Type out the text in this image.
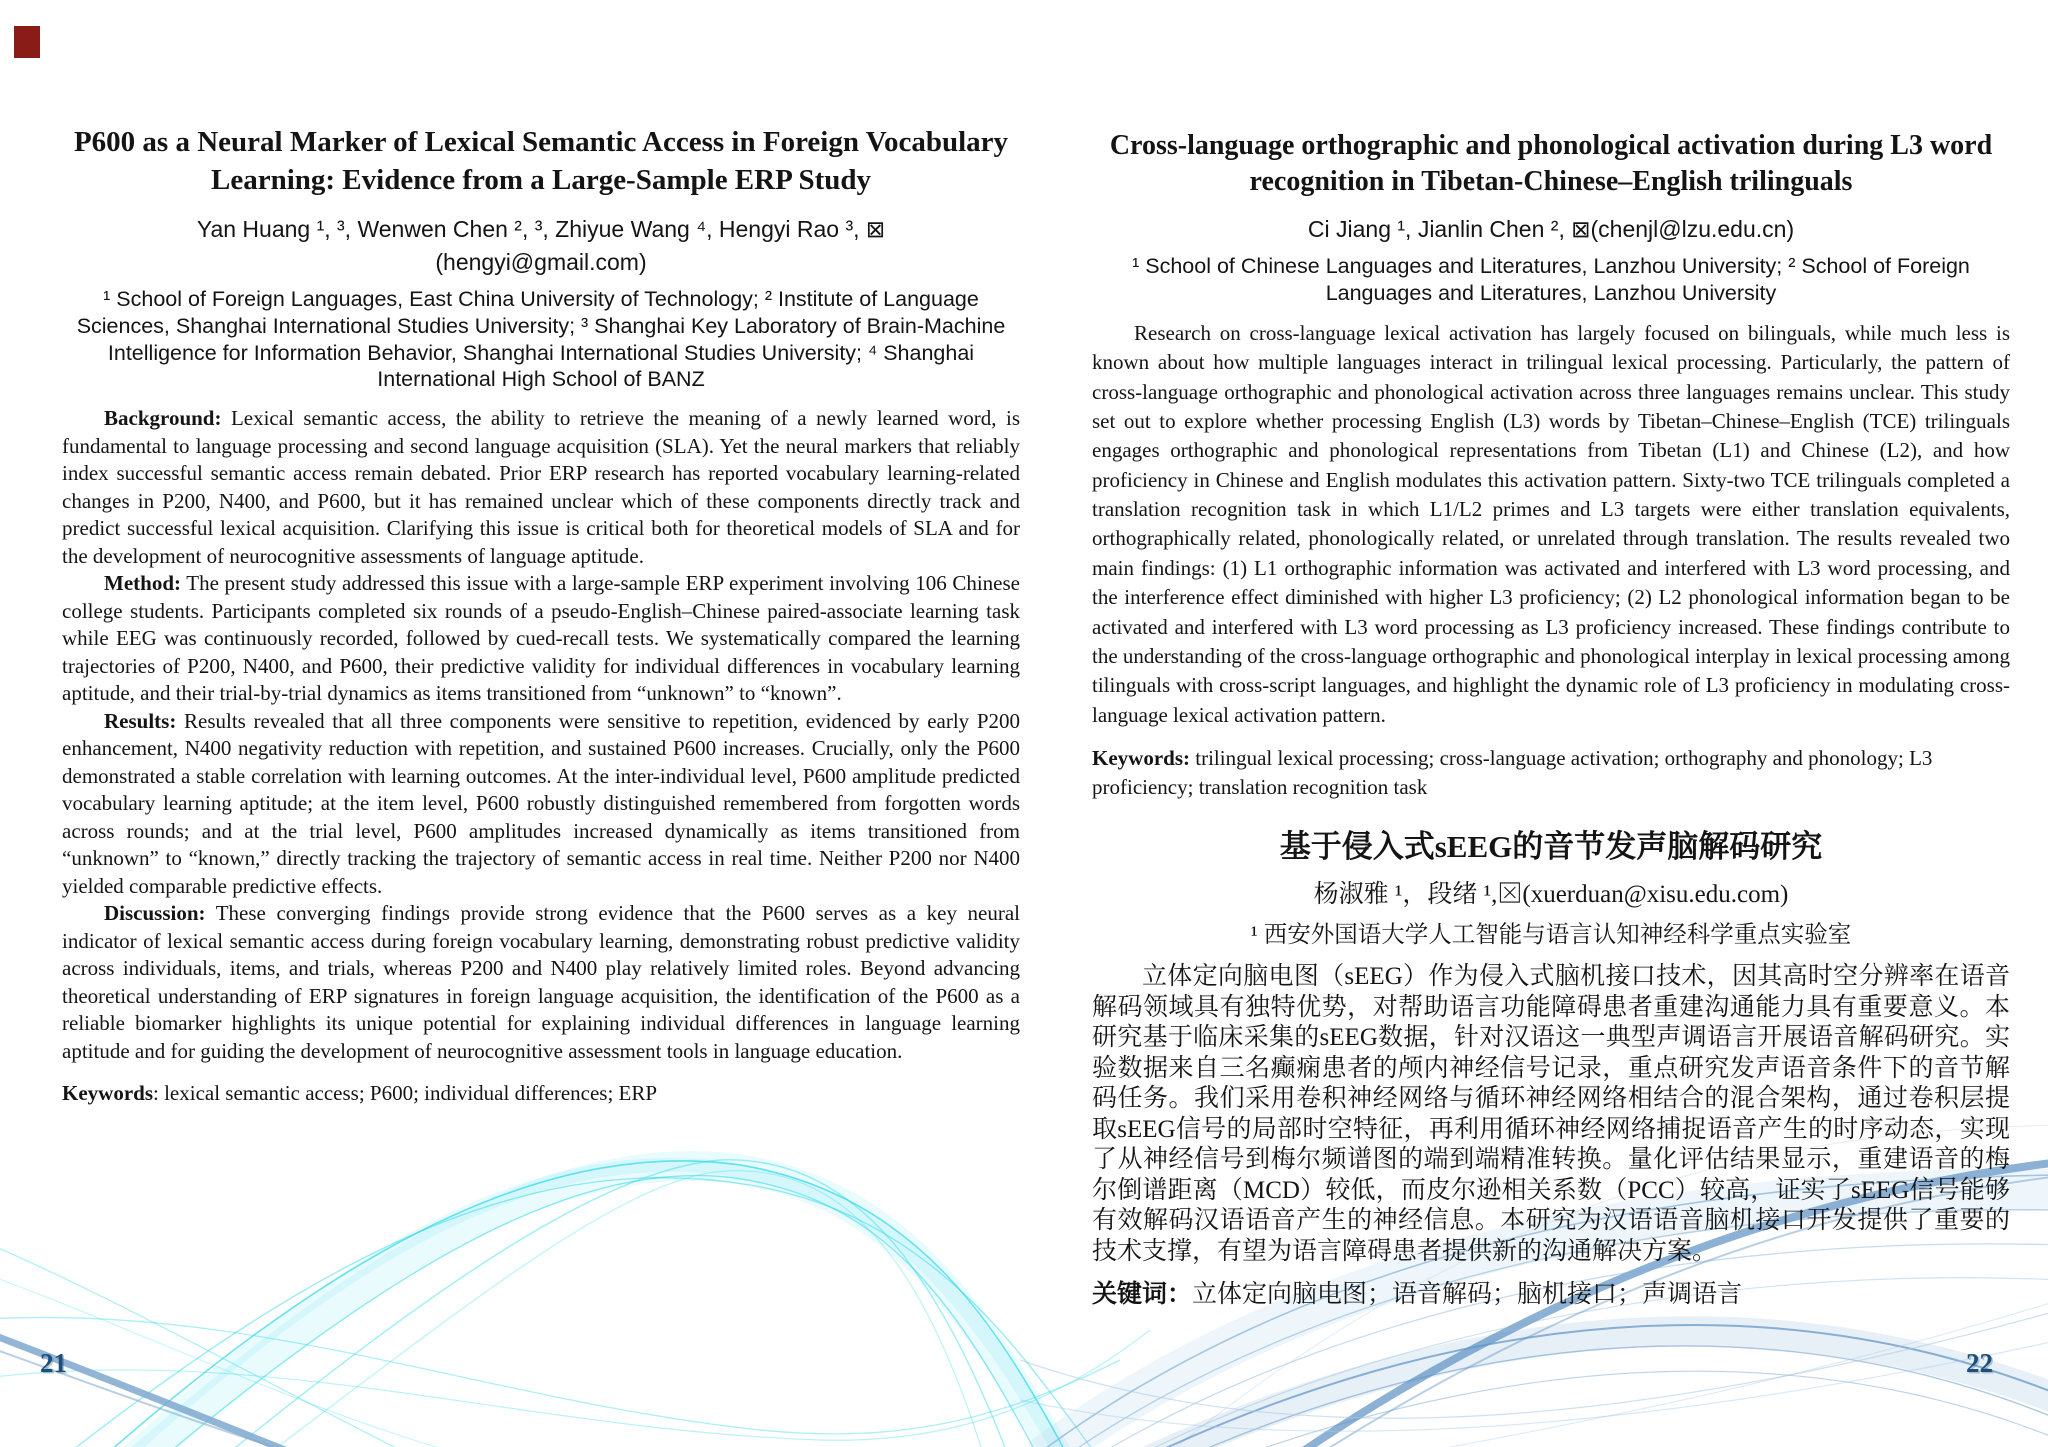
P600 as a Neural Marker of Lexical Semantic Access in Foreign Vocabulary Learning: Evidence from a Large-Sample ERP Study

Yan Huang ¹, ³, Wenwen Chen ², ³, Zhiyue Wang ⁴, Hengyi Rao ³, ⊠

(hengyi@gmail.com)

¹ School of Foreign Languages, East China University of Technology; ² Institute of Language Sciences, Shanghai International Studies University; ³ Shanghai Key Laboratory of Brain-Machine Intelligence for Information Behavior, Shanghai International Studies University; ⁴ Shanghai International High School of BANZ

Background: Lexical semantic access, the ability to retrieve the meaning of a newly learned word, is fundamental to language processing and second language acquisition (SLA). Yet the neural markers that reliably index successful semantic access remain debated. Prior ERP research has reported vocabulary learning-related changes in P200, N400, and P600, but it has remained unclear which of these components directly track and predict successful lexical acquisition. Clarifying this issue is critical both for theoretical models of SLA and for the development of neurocognitive assessments of language aptitude.

Method: The present study addressed this issue with a large-sample ERP experiment involving 106 Chinese college students. Participants completed six rounds of a pseudo-English–Chinese paired-associate learning task while EEG was continuously recorded, followed by cued-recall tests. We systematically compared the learning trajectories of P200, N400, and P600, their predictive validity for individual differences in vocabulary learning aptitude, and their trial-by-trial dynamics as items transitioned from “unknown” to “known”.

Results: Results revealed that all three components were sensitive to repetition, evidenced by early P200 enhancement, N400 negativity reduction with repetition, and sustained P600 increases. Crucially, only the P600 demonstrated a stable correlation with learning outcomes. At the inter-individual level, P600 amplitude predicted vocabulary learning aptitude; at the item level, P600 robustly distinguished remembered from forgotten words across rounds; and at the trial level, P600 amplitudes increased dynamically as items transitioned from “unknown” to “known,” directly tracking the trajectory of semantic access in real time. Neither P200 nor N400 yielded comparable predictive effects.

Discussion: These converging findings provide strong evidence that the P600 serves as a key neural indicator of lexical semantic access during foreign vocabulary learning, demonstrating robust predictive validity across individuals, items, and trials, whereas P200 and N400 play relatively limited roles. Beyond advancing theoretical understanding of ERP signatures in foreign language acquisition, the identification of the P600 as a reliable biomarker highlights its unique potential for explaining individual differences in language learning aptitude and for guiding the development of neurocognitive assessment tools in language education.

Keywords: lexical semantic access; P600; individual differences; ERP

Cross-language orthographic and phonological activation during L3 word recognition in Tibetan-Chinese–English trilinguals

Ci Jiang ¹, Jianlin Chen ², ⊠(chenjl@lzu.edu.cn)

¹ School of Chinese Languages and Literatures, Lanzhou University; ² School of Foreign Languages and Literatures, Lanzhou University

Research on cross-language lexical activation has largely focused on bilinguals, while much less is known about how multiple languages interact in trilingual lexical processing. Particularly, the pattern of cross-language orthographic and phonological activation across three languages remains unclear. This study set out to explore whether processing English (L3) words by Tibetan–Chinese–English (TCE) trilinguals engages orthographic and phonological representations from Tibetan (L1) and Chinese (L2), and how proficiency in Chinese and English modulates this activation pattern. Sixty-two TCE trilinguals completed a translation recognition task in which L1/L2 primes and L3 targets were either translation equivalents, orthographically related, phonologically related, or unrelated through translation. The results revealed two main findings: (1) L1 orthographic information was activated and interfered with L3 word processing, and the interference effect diminished with higher L3 proficiency; (2) L2 phonological information began to be activated and interfered with L3 word processing as L3 proficiency increased. These findings contribute to the understanding of the cross-language orthographic and phonological interplay in lexical processing among tilinguals with cross-script languages, and highlight the dynamic role of L3 proficiency in modulating cross-language lexical activation pattern.

Keywords: trilingual lexical processing; cross-language activation; orthography and phonology; L3 proficiency; translation recognition task

基于侵入式sEEG的音节发声脑解码研究

杨淑雅 ¹，段绪 ¹,⊠(xuerduan@xisu.edu.com)

¹ 西安外国语大学人工智能与语言认知神经科学重点实验室

立体定向脑电图（sEEG）作为侵入式脑机接口技术，因其高时空分辨率在语音解码领域具有独特优势，对帮助语言功能障碍患者重建沟通能力具有重要意义。本研究基于临床采集的sEEG数据，针对汉语这一典型声调语言开展语音解码研究。实验数据来自三名癫痫患者的颅内神经信号记录，重点研究发声语音条件下的音节解码任务。我们采用卷积神经网络与循环神经网络相结合的混合架构，通过卷积层提取sEEG信号的局部时空特征，再利用循环神经网络捕捉语音产生的时序动态，实现了从神经信号到梅尔频谱图的端到端精准转换。量化评估结果显示，重建语音的梅尔倒谱距离（MCD）较低，而皮尔逊相关系数（PCC）较高，证实了sEEG信号能够有效解码汉语语音产生的神经信息。本研究为汉语语音脑机接口开发提供了重要的技术支撑，有望为语言障碍患者提供新的沟通解决方案。

关键词：立体定向脑电图；语音解码；脑机接口；声调语言

21	22
